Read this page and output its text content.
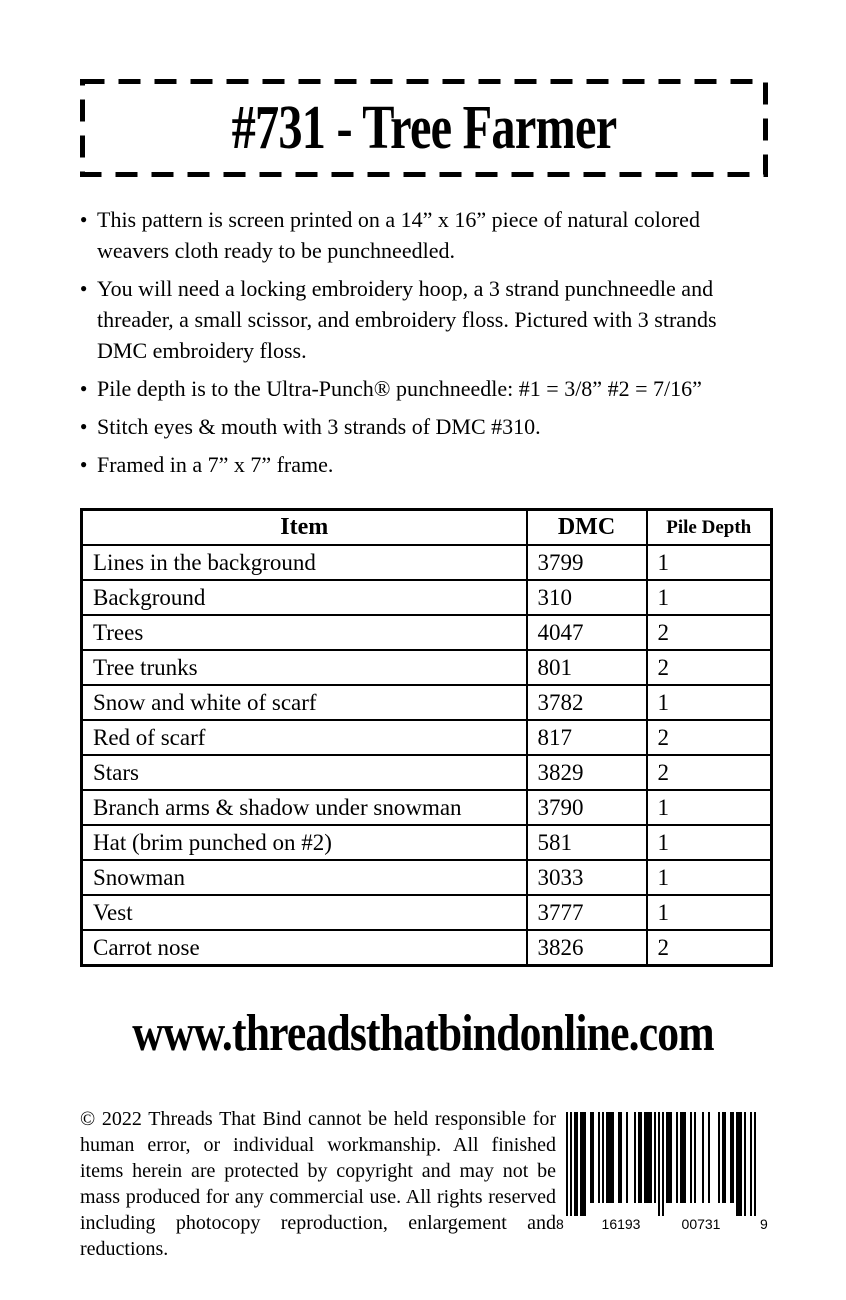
#731 - Tree Farmer
● This pattern is screen printed on a 14” x 16” piece of natural colored weavers cloth ready to be punchneedled.
● You will need a locking embroidery hoop, a 3 strand punchneedle and threader, a small scissor, and embroidery floss. Pictured with 3 strands DMC embroidery floss.
● Pile depth is to the Ultra-Punch® punchneedle: #1 = 3/8” #2 = 7/16”
● Stitch eyes & mouth with 3 strands of DMC #310.
● Framed in a 7” x 7” frame.
Item	DMC	Pile Depth
Lines in the background	3799	1
Background	310	1
Trees	4047	2
Tree trunks	801	2
Snow and white of scarf	3782	1
Red of scarf	817	2
Stars	3829	2
Branch arms & shadow under snowman	3790	1
Hat (brim punched on #2)	581	1
Snowman	3033	1
Vest	3777	1
Carrot nose	3826	2
www.threadsthatbindonline.com

© 2022 Threads That Bind cannot be held responsible for human error, or individual workmanship. All finished items herein are protected by copyright and may not be mass produced for any commercial use. All rights reserved including photocopy reproduction, enlargement and reductions.

8	16193	00731	9
